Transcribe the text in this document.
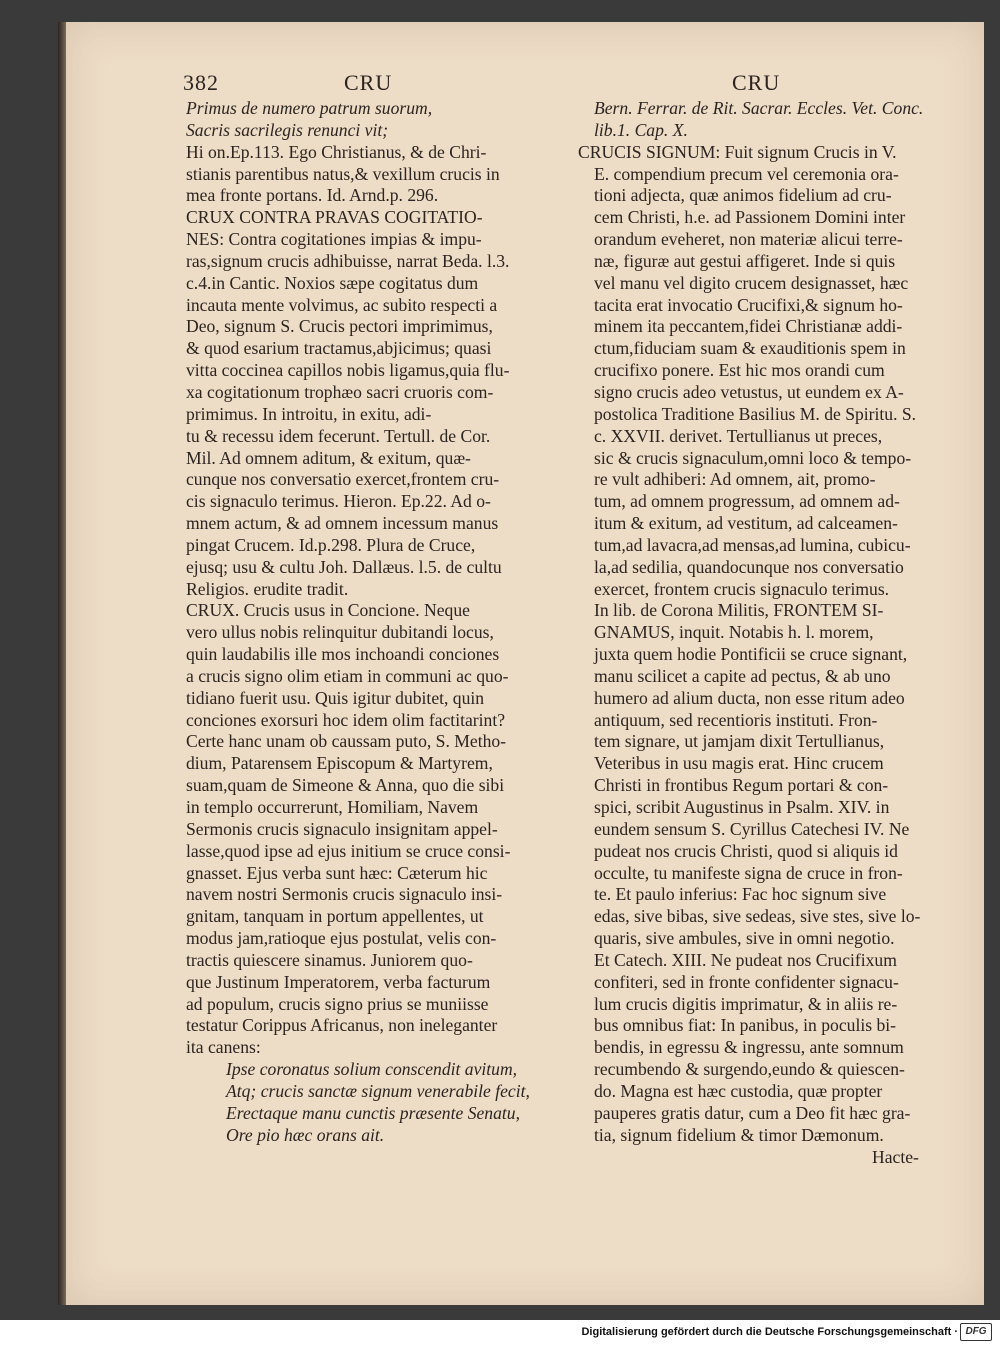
382	CRU	CRU
Primus de numero patrum suorum,
Sacris sacrilegis renunci vit;
Hi on.Ep.113. Ego Christianus, & de Chri-
stianis parentibus natus,& vexillum crucis in
mea fronte portans. Id. Arnd.p. 296.
CRUX CONTRA PRAVAS COGITATIO-
NES: Contra cogitationes impias & impu-
ras,signum crucis adhibuisse, narrat Beda. l.3.
c.4.in Cantic. Noxios sæpe cogitatus dum
incauta mente volvimus, ac subito respecti a
Deo, signum S. Crucis pectori imprimimus,
& quod esarium tractamus,abjicimus; quasi
vitta coccinea capillos nobis ligamus,quia flu-
xa cogitationum trophæo sacri cruoris com-
primimus. In introitu, in exitu, adi-
tu & recessu idem fecerunt. Tertull. de Cor.
Mil. Ad omnem aditum, & exitum, quæ-
cunque nos conversatio exercet,frontem cru-
cis signaculo terimus. Hieron. Ep.22. Ad o-
mnem actum, & ad omnem incessum manus
pingat Crucem. Id.p.298. Plura de Cruce,
ejusq; usu & cultu Joh. Dallæus. l.5. de cultu
Religios. erudite tradit.
CRUX. Crucis usus in Concione. Neque
vero ullus nobis relinquitur dubitandi locus,
quin laudabilis ille mos inchoandi conciones
a crucis signo olim etiam in communi ac quo-
tidiano fuerit usu. Quis igitur dubitet, quin
conciones exorsuri hoc idem olim factitarint?
Certe hanc unam ob caussam puto, S. Metho-
dium, Patarensem Episcopum & Martyrem,
suam,quam de Simeone & Anna, quo die sibi
in templo occurrerunt, Homiliam, Navem
Sermonis crucis signaculo insignitam appel-
lasse,quod ipse ad ejus initium se cruce consi-
gnasset. Ejus verba sunt hæc: Cæterum hic
navem nostri Sermonis crucis signaculo insi-
gnitam, tanquam in portum appellentes, ut
modus jam,ratioque ejus postulat, velis con-
tractis quiescere sinamus. Juniorem quo-
que Justinum Imperatorem, verba facturum
ad populum, crucis signo prius se muniisse
testatur Corippus Africanus, non ineleganter
ita canens:
Ipse coronatus solium conscendit avitum,
Atq; crucis sanctæ signum venerabile fecit,
Erectaque manu cunctis præsente Senatu,
Ore pio hæc orans ait.
Bern. Ferrar. de Rit. Sacrar. Eccles. Vet. Conc.
lib.1. Cap. X.
CRUCIS SIGNUM: Fuit signum Crucis in V.
E. compendium precum vel ceremonia ora-
tioni adjecta, quæ animos fidelium ad cru-
cem Christi, h.e. ad Passionem Domini inter
orandum eveheret, non materiæ alicui terre-
næ, figuræ aut gestui affigeret. Inde si quis
vel manu vel digito crucem designasset, hæc
tacita erat invocatio Crucifixi,& signum ho-
minem ita peccantem,fidei Christianæ addi-
ctum,fiduciam suam & exauditionis spem in
crucifixo ponere. Est hic mos orandi cum
signo crucis adeo vetustus, ut eundem ex A-
postolica Traditione Basilius M. de Spiritu. S.
c. XXVII. derivet. Tertullianus ut preces,
sic & crucis signaculum,omni loco & tempo-
re vult adhiberi: Ad omnem, ait, promo-
tum, ad omnem progressum, ad omnem ad-
itum & exitum, ad vestitum, ad calceamen-
tum,ad lavacra,ad mensas,ad lumina, cubicu-
la,ad sedilia, quandocunque nos conversatio
exercet, frontem crucis signaculo terimus.
In lib. de Corona Militis, FRONTEM SI-
GNAMUS, inquit. Notabis h. l. morem,
juxta quem hodie Pontificii se cruce signant,
manu scilicet a capite ad pectus, & ab uno
humero ad alium ducta, non esse ritum adeo
antiquum, sed recentioris instituti. Fron-
tem signare, ut jamjam dixit Tertullianus,
Veteribus in usu magis erat. Hinc crucem
Christi in frontibus Regum portari & con-
spici, scribit Augustinus in Psalm. XIV. in
eundem sensum S. Cyrillus Catechesi IV. Ne
pudeat nos crucis Christi, quod si aliquis id
occulte, tu manifeste signa de cruce in fron-
te. Et paulo inferius: Fac hoc signum sive
edas, sive bibas, sive sedeas, sive stes, sive lo-
quaris, sive ambules, sive in omni negotio.
Et Catech. XIII. Ne pudeat nos Crucifixum
confiteri, sed in fronte confidenter signacu-
lum crucis digitis imprimatur, & in aliis re-
bus omnibus fiat: In panibus, in poculis bi-
bendis, in egressu & ingressu, ante somnum
recumbendo & surgendo,eundo & quiescen-
do. Magna est hæc custodia, quæ propter
pauperes gratis datur, cum a Deo fit hæc gra-
tia, signum fidelium & timor Dæmonum.
Hacte-
Digitalisierung gefördert durch die Deutsche Forschungsgemeinschaft · DFG
